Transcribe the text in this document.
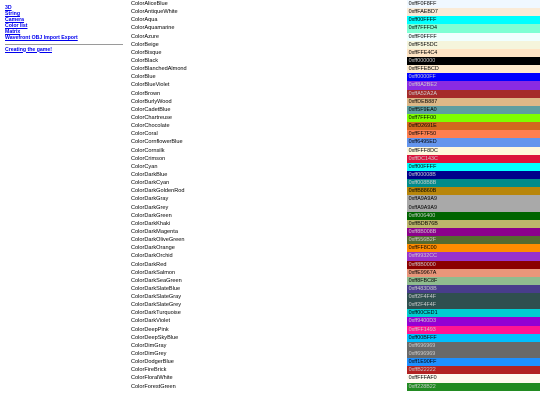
3D
String
Camera
Color list
Matrix
Wavefront OBJ Import Export
Creating the game!
ColorAliceBlue	0xffF0F8FF
ColorAntiqueWhite	0xffFAEBD7
ColorAqua	0xff00FFFF
ColorAquamarine	0xff7FFFD4
ColorAzure	0xffF0FFFF
ColorBeige	0xffF5F5DC
ColorBisque	0xffFFE4C4
ColorBlack	0xff000000
ColorBlanchedAlmond	0xffFFEBCD
ColorBlue	0xff0000FF
ColorBlueViolet	0xff8A2BE2
ColorBrown	0xffA52A2A
ColorBurlyWood	0xffDEB887
ColorCadetBlue	0xff5F9EA0
ColorChartreuse	0xff7FFF00
ColorChocolate	0xffD2691E
ColorCoral	0xffFF7F50
ColorCornflowerBlue	0xff6495ED
ColorCornsilk	0xffFFF8DC
ColorCrimson	0xffDC143C
ColorCyan	0xff00FFFF
ColorDarkBlue	0xff00008B
ColorDarkCyan	0xff008B8B
ColorDarkGoldenRod	0xffB8860B
ColorDarkGray	0xffA9A9A9
ColorDarkGrey	0xffA9A9A9
ColorDarkGreen	0xff006400
ColorDarkKhaki	0xffBDB76B
ColorDarkMagenta	0xff8B008B
ColorDarkOliveGreen	0xff556B2F
ColorDarkOrange	0xffFF8C00
ColorDarkOrchid	0xff9932CC
ColorDarkRed	0xff8B0000
ColorDarkSalmon	0xffE9967A
ColorDarkSeaGreen	0xff8FBC8F
ColorDarkSlateBlue	0xff483D8B
ColorDarkSlateGray	0xff2F4F4F
ColorDarkSlateGrey	0xff2F4F4F
ColorDarkTurquoise	0xff00CED1
ColorDarkViolet	0xff9400D3
ColorDeepPink	0xffFF1493
ColorDeepSkyBlue	0xff00BFFF
ColorDimGray	0xff696969
ColorDimGrey	0xff696969
ColorDodgerBlue	0xff1E90FF
ColorFireBrick	0xffB22222
ColorFloralWhite	0xffFFFAF0
ColorForestGreen	0xff228B22
